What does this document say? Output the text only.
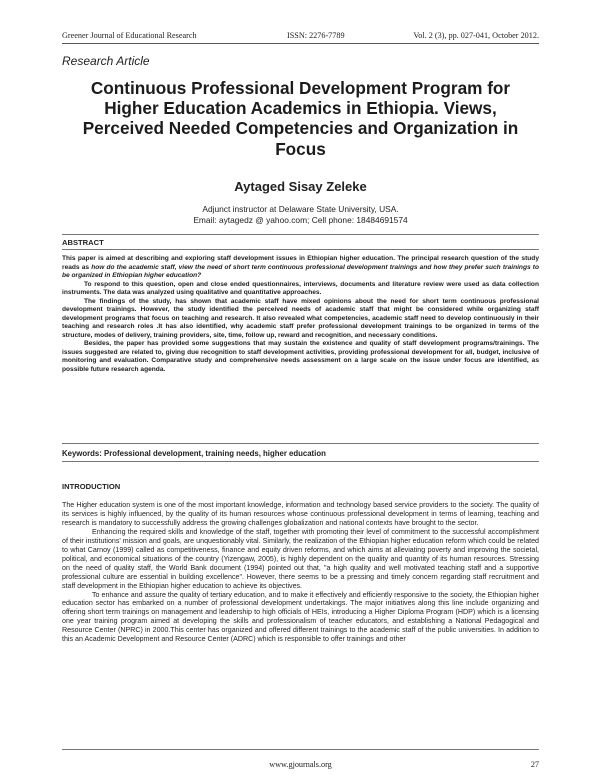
Greener Journal of Educational Research	ISSN: 2276-7789	Vol. 2 (3), pp. 027-041, October 2012.
Research Article
Continuous Professional Development Program for Higher Education Academics in Ethiopia. Views, Perceived Needed Competencies and Organization in Focus
Aytaged Sisay Zeleke
Adjunct instructor at Delaware State University, USA.
Email: aytagedz @ yahoo.com; Cell phone: 18484691574
ABSTRACT

This paper is aimed at describing and exploring staff development issues in Ethiopian higher education. The principal research question of the study reads as how do the academic staff, view the need of short term continuous professional development trainings and how they prefer such trainings to be organized in Ethiopian higher education?

To respond to this question, open and close ended questionnaires, interviews, documents and literature review were used as data collection instruments. The data was analyzed using qualitative and quantitative approaches.

The findings of the study, has shown that academic staff have mixed opinions about the need for short term continuous professional development trainings. However, the study identified the perceived needs of academic staff that might be considered while organizing staff development programs that focus on teaching and research. It also revealed what competencies, academic staff need to develop continuously in their teaching and research roles .It has also identified, why academic staff prefer professional development trainings to be organized in terms of the structure, modes of delivery, training providers, site, time, follow up, reward and recognition, and necessary conditions.

Besides, the paper has provided some suggestions that may sustain the existence and quality of staff development programs/trainings. The issues suggested are related to, giving due recognition to staff development activities, providing professional development for all, budget, inclusive of monitoring and evaluation. Comparative study and comprehensive needs assessment on a large scale on the issue under focus are identified, as possible future research agenda.

Keywords: Professional development, training needs, higher education
INTRODUCTION

The Higher education system is one of the most important knowledge, information and technology based service providers to the society. The quality of its services is highly influenced, by the quality of its human resources whose continuous professional development in terms of learning, teaching and research is mandatory to successfully address the growing challenges globalization and national contexts have brought to the sector.

Enhancing the required skills and knowledge of the staff, together with promoting their level of commitment to the successful accomplishment of their institutions' mission and goals, are unquestionably vital. Similarly, the realization of the Ethiopian higher education reform which could be related to what Carnoy (1999) called as competitiveness, finance and equity driven reforms, and which aims at alleviating poverty and improving the societal, political, and economical situations of the country (Yizengaw, 2005), is highly dependent on the quality and quantity of its human resources. Stressing on the need of quality staff, the World Bank document (1994) pointed out that, "a high quality and well motivated teaching staff and a supportive professional culture are essential in building excellence". However, there seems to be a pressing and timely concern regarding staff recruitment and staff development in the Ethiopian higher education to achieve its objectives.

To enhance and assure the quality of tertiary education, and to make it effectively and efficiently responsive to the society, the Ethiopian higher education sector has embarked on a number of professional development undertakings. The major initiatives along this line include organizing and offering short term trainings on management and leadership to high officials of HEIs, introducing a Higher Diploma Program (HDP) which is a licensing one year training program aimed at developing the skills and professionalism of teacher educators, and establishing a National Pedagogical and Resource Center (NPRC) in 2000.This center has organized and offered different trainings to the academic staff of the public universities. In addition to this an Academic Development and Resource Center (ADRC) which is responsible to offer trainings and other

www.gjournals.org	27
